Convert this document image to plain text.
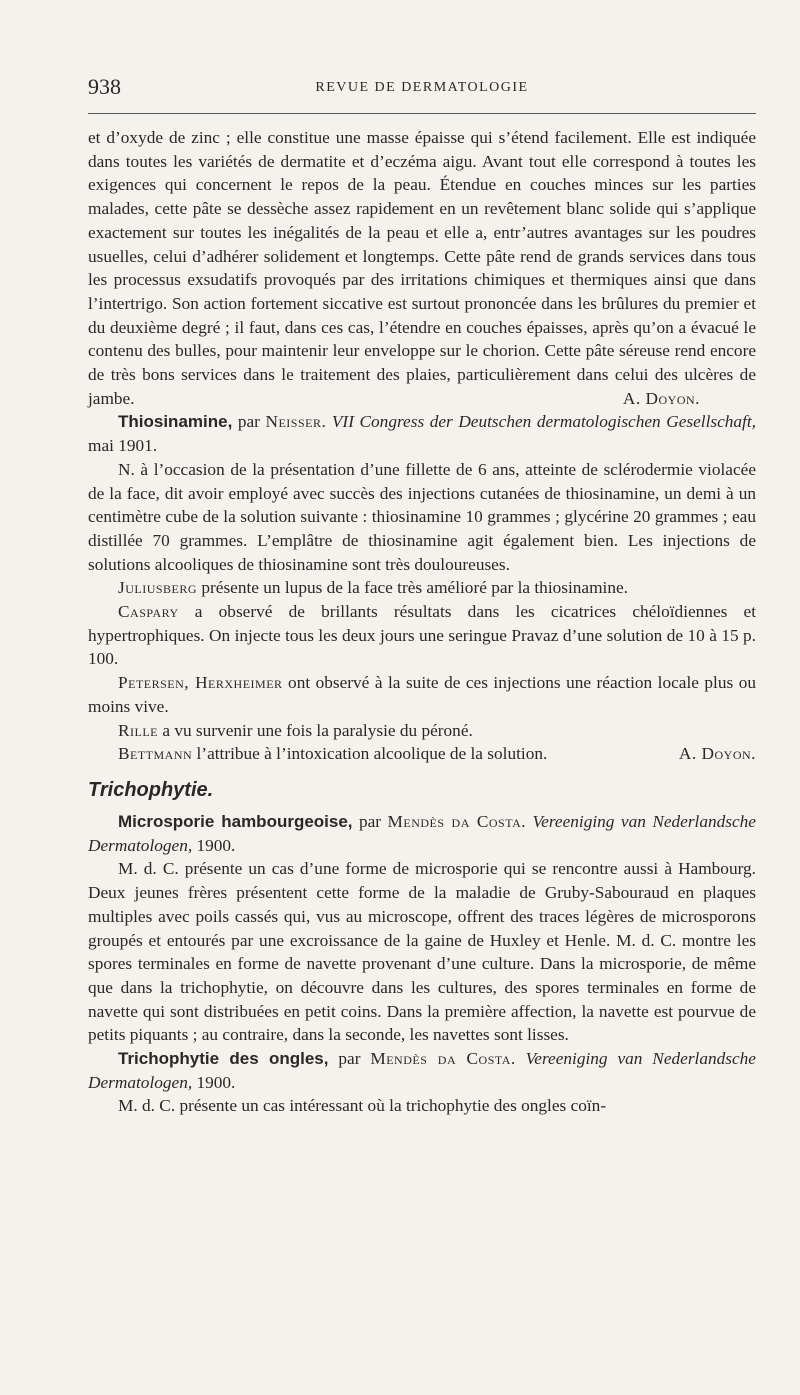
938	REVUE DE DERMATOLOGIE

et d’oxyde de zinc ; elle constitue une masse épaisse qui s’étend facilement. Elle est indiquée dans toutes les variétés de dermatite et d’eczéma aigu. Avant tout elle correspond à toutes les exigences qui concernent le repos de la peau. Étendue en couches minces sur les parties malades, cette pâte se dessèche assez rapidement en un revêtement blanc solide qui s’applique exactement sur toutes les inégalités de la peau et elle a, entr’autres avantages sur les poudres usuelles, celui d’adhérer solidement et longtemps. Cette pâte rend de grands services dans tous les processus exsudatifs provoqués par des irritations chimiques et thermiques ainsi que dans l’intertrigo. Son action fortement siccative est surtout prononcée dans les brûlures du premier et du deuxième degré ; il faut, dans ces cas, l’étendre en couches épaisses, après qu’on a évacué le contenu des bulles, pour maintenir leur enveloppe sur le chorion. Cette pâte séreuse rend encore de très bons services dans le traitement des plaies, particulièrement dans celui des ulcères de jambe.	A. Doyon.

Thiosinamine, par Neisser. VII Congress der Deutschen dermatologischen Gesellschaft, mai 1901.

N. à l’occasion de la présentation d’une fillette de 6 ans, atteinte de sclérodermie violacée de la face, dit avoir employé avec succès des injections cutanées de thiosinamine, un demi à un centimètre cube de la solution suivante : thiosinamine 10 grammes ; glycérine 20 grammes ; eau distillée 70 grammes. L’emplâtre de thiosinamine agit également bien. Les injections de solutions alcooliques de thiosinamine sont très douloureuses.

Juliusberg présente un lupus de la face très amélioré par la thiosinamine.

Caspary a observé de brillants résultats dans les cicatrices chéloïdiennes et hypertrophiques. On injecte tous les deux jours une seringue Pravaz d’une solution de 10 à 15 p. 100.

Petersen, Herxheimer ont observé à la suite de ces injections une réaction locale plus ou moins vive.

Rille a vu survenir une fois la paralysie du péroné.

Bettmann l’attribue à l’intoxication alcoolique de la solution.	A. Doyon.

Trichophytie.

Microsporie hambourgeoise, par Mendès da Costa. Vereeniging van Nederlandsche Dermatologen, 1900.

M. d. C. présente un cas d’une forme de microsporie qui se rencontre aussi à Hambourg. Deux jeunes frères présentent cette forme de la maladie de Gruby-Sabouraud en plaques multiples avec poils cassés qui, vus au microscope, offrent des traces légères de microsporons groupés et entourés par une excroissance de la gaine de Huxley et Henle. M. d. C. montre les spores terminales en forme de navette provenant d’une culture. Dans la microsporie, de même que dans la trichophytie, on découvre dans les cultures, des spores terminales en forme de navette qui sont distribuées en petit coins. Dans la première affection, la navette est pourvue de petits piquants ; au contraire, dans la seconde, les navettes sont lisses.

Trichophytie des ongles, par Mendès da Costa. Vereeniging van Nederlandsche Dermatologen, 1900.

M. d. C. présente un cas intéressant où la trichophytie des ongles coïn-
